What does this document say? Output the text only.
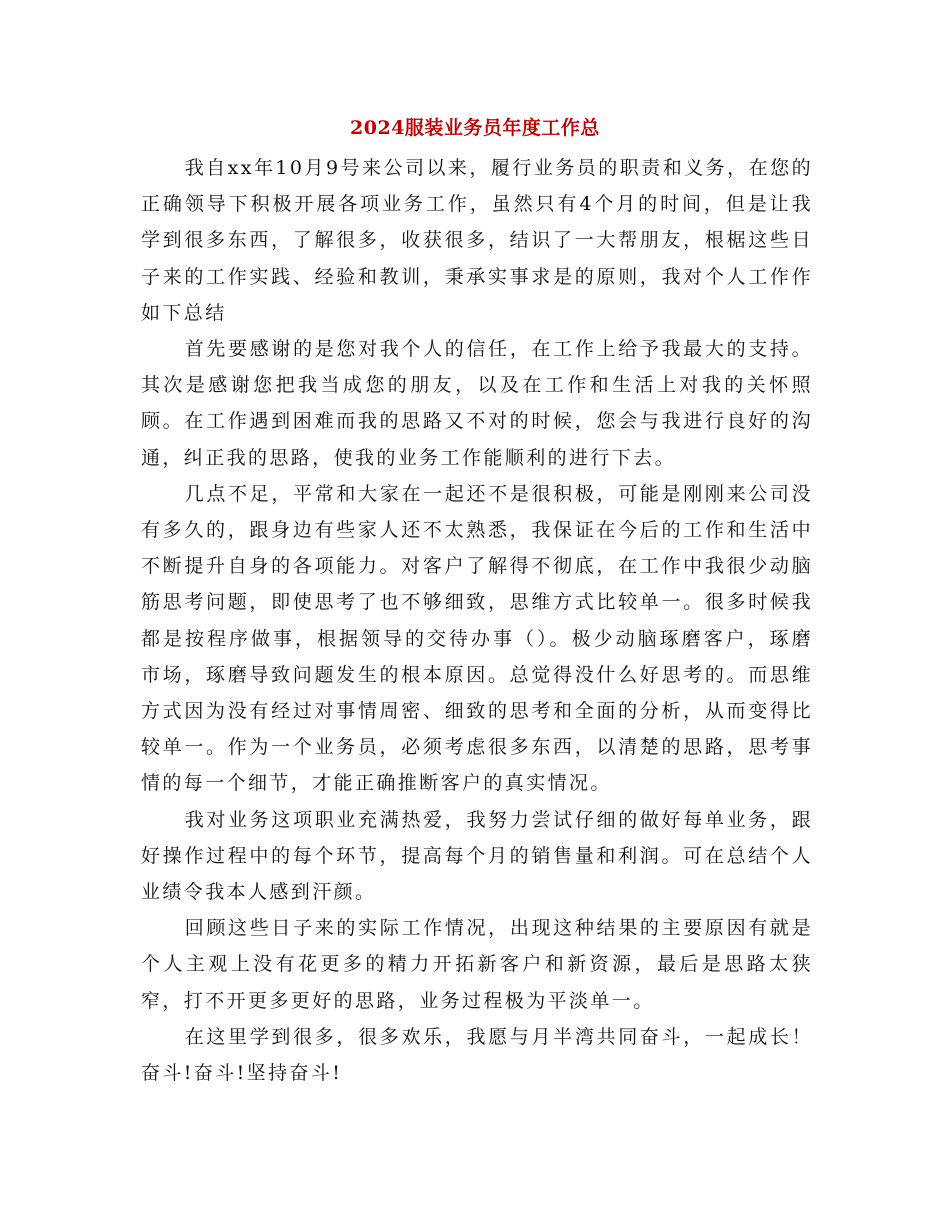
2024服装业务员年度工作总

我自xx年10月9号来公司以来，履行业务员的职责和义务，在您的正确领导下积极开展各项业务工作，虽然只有4个月的时间，但是让我学到很多东西，了解很多，收获很多，结识了一大帮朋友，根椐这些日子来的工作实践、经验和教训，秉承实事求是的原则，我对个人工作作如下总结

首先要感谢的是您对我个人的信任，在工作上给予我最大的支持。其次是感谢您把我当成您的朋友，以及在工作和生活上对我的关怀照顾。在工作遇到困难而我的思路又不对的时候，您会与我进行良好的沟通，纠正我的思路，使我的业务工作能顺利的进行下去。

几点不足，平常和大家在一起还不是很积极，可能是刚刚来公司没有多久的，跟身边有些家人还不太熟悉，我保证在今后的工作和生活中不断提升自身的各项能力。对客户了解得不彻底，在工作中我很少动脑筋思考问题，即使思考了也不够细致，思维方式比较单一。很多时候我都是按程序做事，根据领导的交待办事（）。极少动脑琢磨客户，琢磨市场，琢磨导致问题发生的根本原因。总觉得没什么好思考的。而思维方式因为没有经过对事情周密、细致的思考和全面的分析，从而变得比较单一。作为一个业务员，必须考虑很多东西，以清楚的思路，思考事情的每一个细节，才能正确推断客户的真实情况。

我对业务这项职业充满热爱，我努力尝试仔细的做好每单业务，跟好操作过程中的每个环节，提高每个月的销售量和利润。可在总结个人业绩令我本人感到汗颜。

回顾这些日子来的实际工作情况，出现这种结果的主要原因有就是个人主观上没有花更多的精力开拓新客户和新资源，最后是思路太狭窄，打不开更多更好的思路，业务过程极为平淡单一。

在这里学到很多，很多欢乐，我愿与月半湾共同奋斗，一起成长！奋斗!奋斗!坚持奋斗!
